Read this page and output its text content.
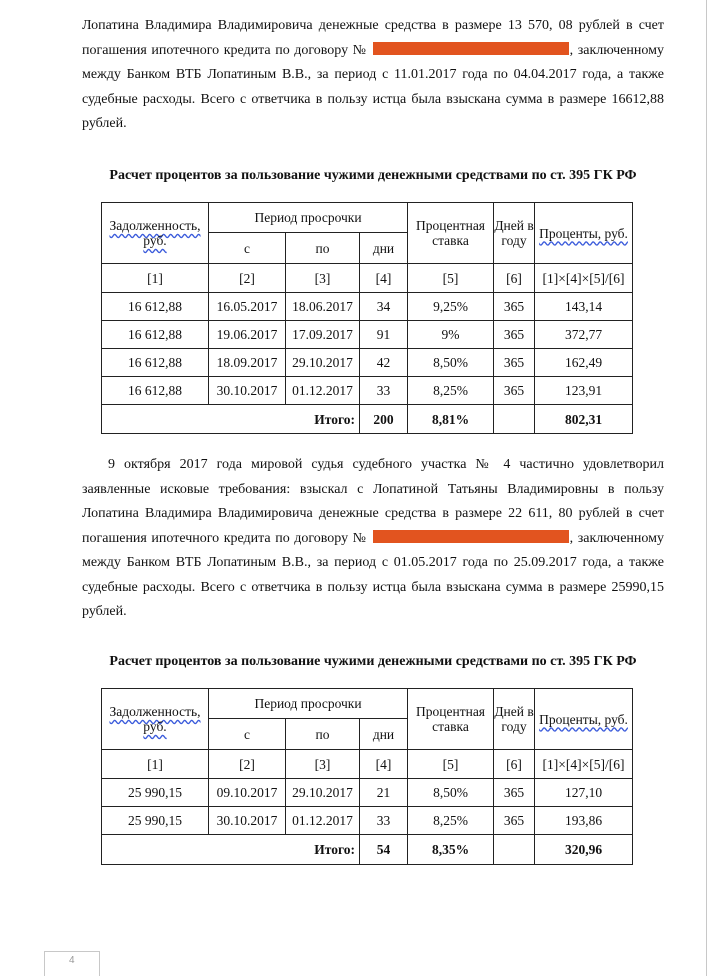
Лопатина Владимира Владимировича денежные средства в размере 13 570, 08 рублей в счет
погашения ипотечного кредита по договору №	, заключенному
между Банком ВТБ Лопатиным В.В., за период с 11.01.2017 года по 04.04.2017 года, а также
судебные расходы. Всего с ответчика в пользу истца была взыскана сумма в размере 16612,88
рублей.
Расчет процентов за пользование чужими денежными средствами по ст. 395 ГК РФ
Задолженность, руб.	Период просрочки			Процентная ставка	Дней в году	Проценты, руб.
	с	по	дни			
[1]	[2]	[3]	[4]	[5]	[6]	[1]×[4]×[5]/[6]
16 612,88	16.05.2017	18.06.2017	34	9,25%	365	143,14
16 612,88	19.06.2017	17.09.2017	91	9%	365	372,77
16 612,88	18.09.2017	29.10.2017	42	8,50%	365	162,49
16 612,88	30.10.2017	01.12.2017	33	8,25%	365	123,91
Итого:			200	8,81%		802,31
9 октября 2017 года мировой судья судебного участка № 4 частично удовлетворил
заявленные исковые требования: взыскал с Лопатиной Татьяны Владимировны в пользу
Лопатина Владимира Владимировича денежные средства в размере 22 611, 80 рублей в счет
погашения ипотечного кредита по договору №	, заключенному
между Банком ВТБ Лопатиным В.В., за период с 01.05.2017 года по 25.09.2017 года, а также
судебные расходы. Всего с ответчика в пользу истца была взыскана сумма в размере 25990,15
рублей.
Расчет процентов за пользование чужими денежными средствами по ст. 395 ГК РФ
Задолженность, руб.	Период просрочки			Процентная ставка	Дней в году	Проценты, руб.
	с	по	дни			
[1]	[2]	[3]	[4]	[5]	[6]	[1]×[4]×[5]/[6]
25 990,15	09.10.2017	29.10.2017	21	8,50%	365	127,10
25 990,15	30.10.2017	01.12.2017	33	8,25%	365	193,86
Итого:			54	8,35%		320,96
4
